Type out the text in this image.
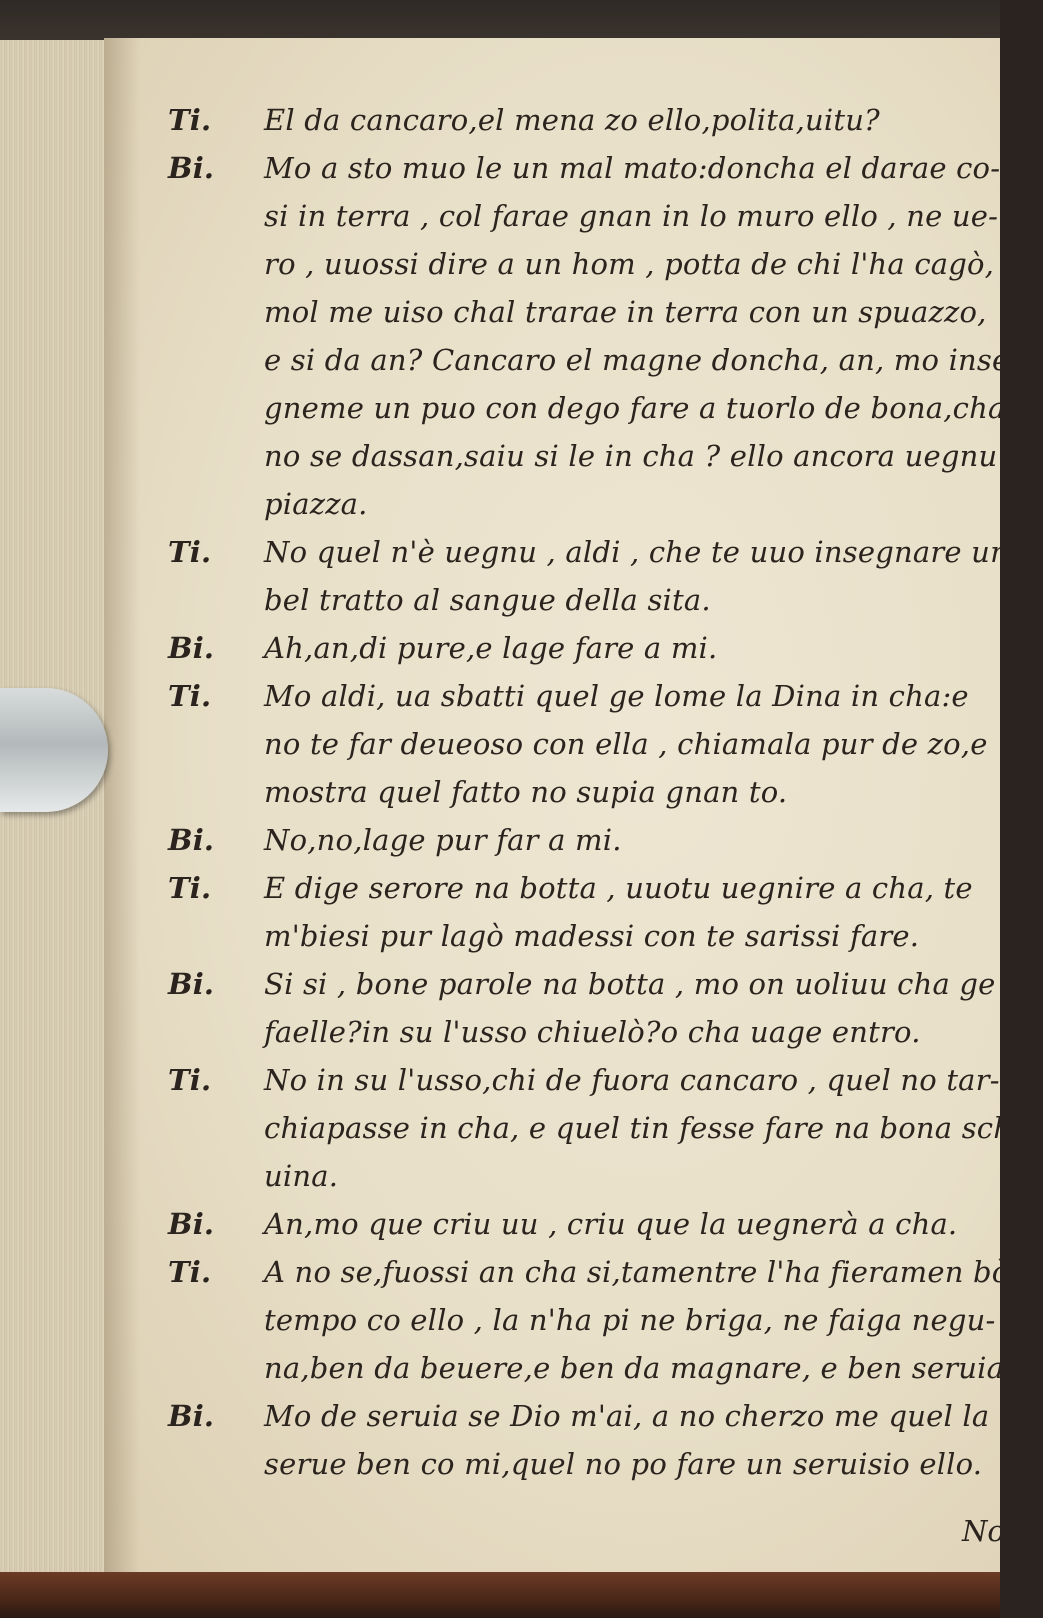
Ti.	El da cancaro,el mena zo ello,polita,uitu?
Bi.	Mo a sto muo le un mal mato:doncha el darae co-
si in terra , col farae gnan in lo muro ello , ne ue-
ro , uuossi dire a un hom , potta de chi l'ha cagò,
mol me uiso chal trarae in terra con un spuazzo,
e si da an? Cancaro el magne doncha, an, mo inse-
gneme un puo con dego fare a tuorlo de bona,cha
no se dassan,saiu si le in cha ? ello ancora uegnu de
piazza.
Ti.	No quel n'è uegnu , aldi , che te uuo insegnare un
bel tratto al sangue della sita.
Bi.	Ah,an,di pure,e lage fare a mi.
Ti.	Mo aldi, ua sbatti quel ge lome la Dina in cha:e
no te far deueoso con ella , chiamala pur de zo,e
mostra quel fatto no supia gnan to.
Bi.	No,no,lage pur far a mi.
Ti.	E dige serore na botta , uuotu uegnire a cha, te
m'biesi pur lagò madessi con te sarissi fare.
Bi.	Si si , bone parole na botta , mo on uoliuu cha ge
faelle?in su l'usso chiuelò?o cha uage entro.
Ti.	No in su l'usso,chi de fuora cancaro , quel no tar-
chiapasse in cha, e quel tin fesse fare na bona schia
uina.
Bi.	An,mo que criu uu , criu que la uegnerà a cha.
Ti.	A no se,fuossi an cha si,tamentre l'ha fieramen bò
tempo co ello , la n'ha pi ne briga, ne faiga negu-
na,ben da beuere,e ben da magnare, e ben seruia.
Bi.	Mo de seruia se Dio m'ai, a no cherzo me quel la
serue ben co mi,quel no po fare un seruisio ello.
No
